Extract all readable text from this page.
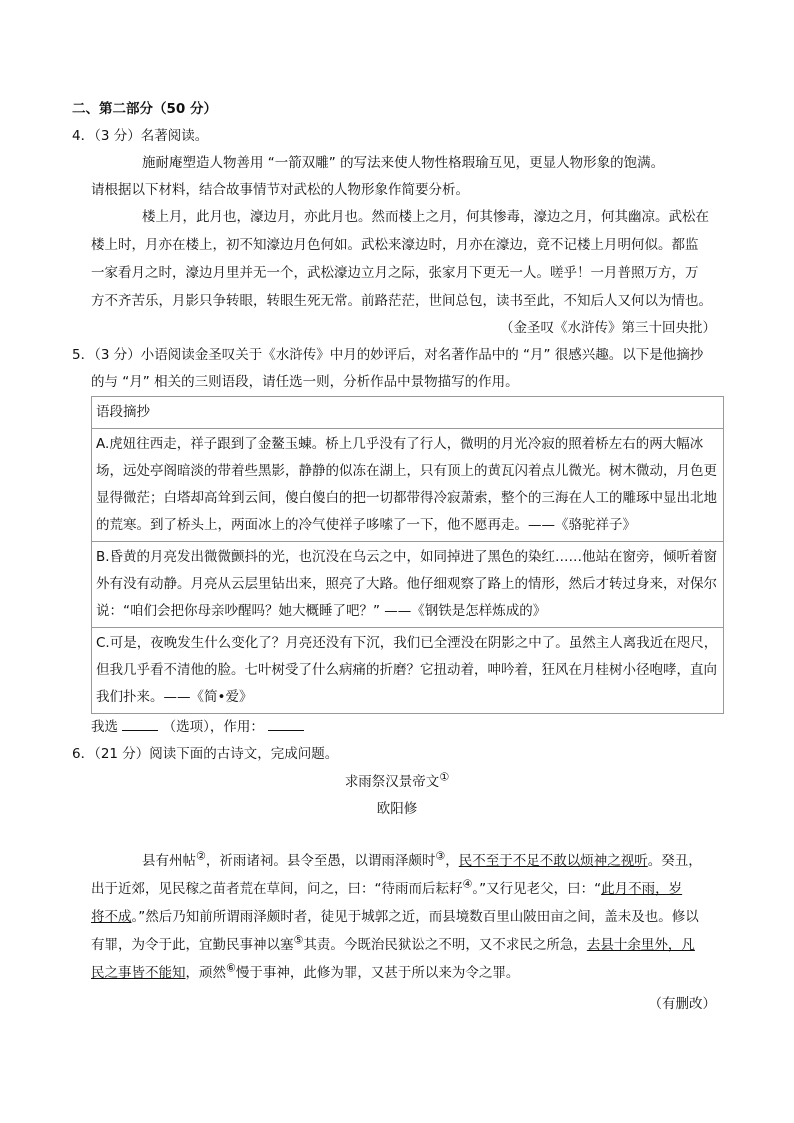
二、第二部分（50 分）
4．（3 分）名著阅读。
施耐庵塑造人物善用 “一箭双雕” 的写法来使人物性格瑕瑜互见，更显人物形象的饱满。
请根据以下材料，结合故事情节对武松的人物形象作简要分析。
楼上月，此月也，濠边月，亦此月也。然而楼上之月，何其惨毒，濠边之月，何其幽凉。武松在
楼上时，月亦在楼上，初不知濠边月色何如。武松来濠边时，月亦在濠边，竟不记楼上月明何似。都监
一家看月之时，濠边月里并无一个，武松濠边立月之际，张家月下更无一人。嗟乎！一月普照万方，万
方不齐苦乐，月影只争转眼，转眼生死无常。前路茫茫，世间总包，读书至此，不知后人又何以为情也。
（金圣叹《水浒传》第三十回央批）
5．（3 分）小语阅读金圣叹关于《水浒传》中月的妙评后，对名著作品中的 “月” 很感兴趣。以下是他摘抄
的与 “月” 相关的三则语段，请任选一则，分析作品中景物描写的作用。
语段摘抄
A.虎妞往西走，祥子跟到了金鳌玉蝀。桥上几乎没有了行人，微明的月光冷寂的照着桥左右的两大幅冰场，远处亭阁暗淡的带着些黑影，静静的似冻在湖上，只有顶上的黄瓦闪着点儿微光。树木微动，月色更显得微茫；白塔却高耸到云间，傻白傻白的把一切都带得冷寂萧索，整个的三海在人工的雕琢中显出北地的荒寒。到了桥头上，两面冰上的冷气使祥子哆嗦了一下，他不愿再走。——《骆驼祥子》
B.昏黄的月亮发出微微颤抖的光，也沉没在乌云之中，如同掉进了黑色的染红……他站在窗旁，倾听着窗外有没有动静。月亮从云层里钻出来，照亮了大路。他仔细观察了路上的情形，然后才转过身来，对保尔说：“咱们会把你母亲吵醒吗？她大概睡了吧？” ——《钢铁是怎样炼成的》
C.可是，夜晚发生什么变化了？月亮还没有下沉，我们已全湮没在阴影之中了。虽然主人离我近在咫尺，但我几乎看不清他的脸。七叶树受了什么病痛的折磨？它扭动着，呻吟着，狂风在月桂树小径咆哮，直向我们扑来。——《简•爱》
我选	（选项），作用：
6．（21 分）阅读下面的古诗文，完成问题。
求雨祭汉景帝文①
欧阳修
县有州帖②，祈雨诸祠。县令至愚，以谓雨泽颇时③，民不至于不足不敢以烦神之视听。癸丑，
出于近郊，见民稼之苗者荒在草间，问之，曰：“待雨而后耘耔④。”又行见老父，曰：“此月不雨，岁
将不成。”然后乃知前所谓雨泽颇时者，徒见于城郭之近，而县境数百里山陂田亩之间，盖未及也。修以
有罪，为令于此，宜勤民事神以塞⑤其责。今既治民狱讼之不明，又不求民之所急，去县十余里外，凡
民之事皆不能知，顽然⑥慢于事神，此修为罪，又甚于所以来为令之罪。
（有删改）
